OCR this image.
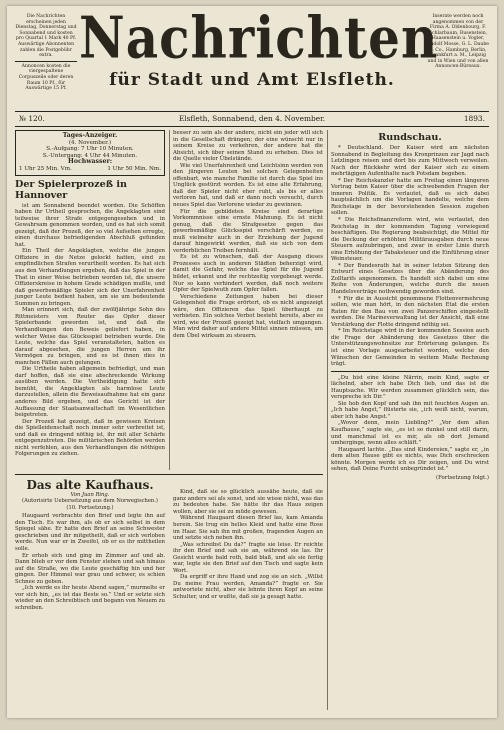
Die Nachrichten erscheinen jeden Dienstag, Donnerstag und Sonnabend und kosten pro Quartal 1 Mark 40 Pf. Auswärtige Abonnenten zahlen die Postgebühr extra.

Annoncen kosten die viergespaltene Corpuszeile oder deren Raum 10 Pf., für Auswärtige 15 Pf.

Nachrichten
für Stadt und Amt Elsfleth.

Inserate werden noch angenommen von der Firma A. Oldenbourg, F. Schlarbaum, Rusenstein, Haasenstein u. Vogler, Rudolf Mosse, G. L. Daube u. Co., Hamburg, Berlin, Frankfurt a. M., Leipzig und in Wien und von allen Annoncen-Büreaux.

№ 120.	Elsfleth, Sonnabend, den 4. November.	1893.
Tages-Anzeiger.
(4. November.)
S.-Aufgang: 7 Uhr 10 Minuten.
S.-Untergang: 4 Uhr 44 Minuten.
Hochwasser:
1 Uhr 25 Min. Vm.	1 Uhr 50 Min. Nm.
Der Spielerprozeß in Hannover

ist am Sonnabend beendet worden. Die Schöffen haben ihr Urtheil gesprochen, die Angeklagten sind teilweise ihrer Strafe entgegengesehen und in Gewahrsam genommen worden, und es hat sich somit gezeigt, daß der Prozeß, der so viel Aufsehen erregte, einen durchaus befriedigenden Abschluß gefunden hat.

Ein Theil der Angeklagten, welche die jungen Offiziere in die Netze gelockt hatten, sind zu empfindlichen Strafen verurtheilt worden. Es hat sich aus den Verhandlungen ergeben, daß das Spiel in der That in einer Weise betrieben worden ist, die unsere Offizierskreise in hohem Grade schädigen mußte, und daß gewerbsmäßige Spieler sich der Unerfahrenheit junger Leute bedient haben, um sie um bedeutende Summen zu bringen.

Man erinnert sich, daß der zwölfjährige Sohn des Rittmeisters von Reuter das Opfer dieser Spielerbande geworden ist, und daß die Verhandlungen den Beweis geliefert haben, in welcher Weise das Glücksspiel betrieben wurde. Die Leute, welche das Spiel veranstalteten, hatten es darauf abgesehen, die jungen Herren um ihr Vermögen zu bringen, und es ist ihnen dies in manchen Fällen auch gelungen.

Die Urtheile haben allgemein befriedigt, und man darf hoffen, daß sie eine abschreckende Wirkung ausüben werden. Die Vertheidigung hatte sich bemüht, die Angeklagten als harmlose Leute darzustellen, allein die Beweisaufnahme hat ein ganz anderes Bild ergeben, und das Gericht ist der Auffassung der Staatsanwaltschaft im Wesentlichen beigetreten.

Der Prozeß hat gezeigt, daß in gewissen Kreisen die Spielleidenschaft noch immer sehr verbreitet ist, und daß es dringend nöthig ist, ihr mit aller Schärfe entgegenzutreten. Die militärischen Behörden werden nicht verfehlen, aus den Verhandlungen die nöthigen Folgerungen zu ziehen.

besser zu sein als der andere, nicht ein jeder will sich in die Gesellschaft drängen; der eine wünscht nur in seinem Kreise zu verkehren, der andere hat die Absicht, sich über seinen Stand zu erheben. Dies ist die Quelle vieler Übelstände.

Wie viel Unerfahrenheit und Leichtsinn werden von den jüngeren Leuten bei solchen Gelegenheiten offenbart, wie manche Familie ist durch das Spiel ins Unglück gestürzt worden. Es ist eine alte Erfahrung, daß der Spieler nicht eher ruht, als bis er alles verloren hat, und daß er dann noch versucht, durch neues Spiel das Verlorene wieder zu gewinnen.

Für die gebildeten Kreise sind derartige Vorkommnisse eine ernste Mahnung. Es ist nicht genug, daß die Strafgesetze gegen das gewerbsmäßige Glücksspiel verschärft werden, es muß vielmehr auch in der Erziehung der Jugend darauf hingewirkt werden, daß sie sich von dem verderblichen Treiben fernhält.

Es ist zu wünschen, daß der Ausgang dieses Prozesses auch in anderen Städten beherzigt wird, damit die Gefahr, welche das Spiel für die Jugend bildet, erkannt und ihr rechtzeitig vorgebeugt werde. Nur so kann verhindert werden, daß noch weitere Opfer der Spielwuth zum Opfer fallen.

Verschiedene Zeitungen haben bei dieser Gelegenheit die Frage erörtert, ob es nicht angezeigt wäre, den Offizieren das Spiel überhaupt zu verbieten. Ein solches Verbot besteht bereits, aber es wird, wie der Prozeß gezeigt hat, vielfach umgangen. Man wird daher auf andere Mittel sinnen müssen, um dem Übel wirksam zu steuern.

Rundschau.

* Deutschland. Der Kaiser wird am nächsten Sonnabend in Begleitung des Kronprinzen zur Jagd nach Letzlingen reisen und dort bis zum Mittwoch verweilen. Nach der Rückkehr wird der Kaiser sich zu einem mehrtägigen Aufenthalte nach Potsdam begeben.

* Der Reichskanzler hatte am Freitag einen längeren Vortrag beim Kaiser über die schwebenden Fragen der inneren Politik. Es verlautet, daß es sich dabei hauptsächlich um die Vorlagen handelte, welche dem Reichstage in der bevorstehenden Session zugehen sollen.

* Die Reichsfinanzreform wird, wie verlautet, den Reichstag in der kommenden Tagung vorwiegend beschäftigen. Die Regierung beabsichtigt, die Mittel für die Deckung der erhöhten Militärausgaben durch neue Steuern aufzubringen, und zwar in erster Linie durch eine Erhöhung der Tabaksteuer und die Einführung einer Weinsteuer.

* Der Bundesrath hat in seiner letzten Sitzung den Entwurf eines Gesetzes über die Abänderung des Zolltarifs angenommen. Es handelt sich dabei um eine Reihe von Änderungen, welche durch die neuen Handelsverträge nothwendig geworden sind.

* Für die in Aussicht genommene Flottenvermehrung sollen, wie man hört, in den nächsten Etat die ersten Raten für den Bau von zwei Panzerschiffen eingestellt werden. Die Marineverwaltung ist der Ansicht, daß eine Verstärkung der Flotte dringend nöthig sei.

* Im Reichstage wird in der kommenden Session auch die Frage der Abänderung des Gesetzes über die Unterstützungswohnsitze zur Erörterung gelangen. Es ist eine Vorlage ausgearbeitet worden, welche den Wünschen der Gemeinden in weitem Maße Rechnung trägt.

„Du bist eine kleine Närrin, mein Kind, sagte er lächelnd, aber ich habe Dich lieb, und das ist die Hauptsache. Wir werden zusammen glücklich sein, das verspreche ich Dir.”

Sie hob den Kopf und sah ihn mit feuchten Augen an. „Ich habe Angst,” flüsterte sie, „ich weiß nicht, warum, aber ich habe Angst.”

„Wovor denn, mein Liebling?” „Vor dem alten Kaufhause,” sagte sie, „es ist so dunkel und still darin, und manchmal ist es mir, als ob dort Jemand umherginge, wenn alles schläft.”

Haugaard lachte. „Das sind Kindereien,” sagte er, „in dem alten Hause gibt es nichts, was Dich erschrecken könnte. Morgen werde ich es Dir zeigen, und Du wirst sehen, daß Deine Furcht unbegründet ist.”

(Fortsetzung folgt.)
Das alte Kaufhaus.
Von Juan Ring.
(Autorisirte Uebersetzung aus dem Norwegischen.)
(10. Fortsetzung.)

Haugaard verbrachte den Brief und legte ihn auf den Tisch. Es war ihm, als ob er sich selbst in dem Spiegel sähe. Er hatte den Brief an seine Schwester geschrieben und ihr mitgetheilt, daß er sich verloben werde. Nun war er in Zweifel, ob er es ihr mittheilen solle.

Er erhob sich und ging im Zimmer auf und ab. Dann blieb er vor dem Fenster stehen und sah hinaus auf die Straße, wo die Leute geschäftig hin und her gingen. Der Himmel war grau und schwer, es schien Schnee zu geben.

„Ich werde es ihr heute Abend sagen,” murmelte er vor sich hin, „es ist das Beste so.” Und er setzte sich wieder an den Schreibtisch und begann von Neuem zu schreiben.

Kind, daß sie so glücklich aussähe heute, daß sie ganz anders sei als sonst, und sie wisse nicht, was das zu bedeuten habe. Sie hätte ihr das Haus zeigen wollen, aber sie sei zu müde gewesen.

Während Haugaard diesen Brief las, kam Amanda herein. Sie trug ein helles Kleid und hatte eine Rose im Haar. Sie sah ihn mit großen, fragenden Augen an und setzte sich neben ihn.

„Was schreibst Du da?” fragte sie leise. Er reichte ihr den Brief und sah sie an, während sie las. Ihr Gesicht wurde bald roth, bald blaß, und als sie fertig war, legte sie den Brief auf den Tisch und sagte kein Wort.

Da ergriff er ihre Hand und zog sie an sich. „Willst Du meine Frau werden, Amanda?” fragte er. Sie antwortete nicht, aber sie lehnte ihren Kopf an seine Schulter, und er wußte, daß sie ja gesagt hatte.
